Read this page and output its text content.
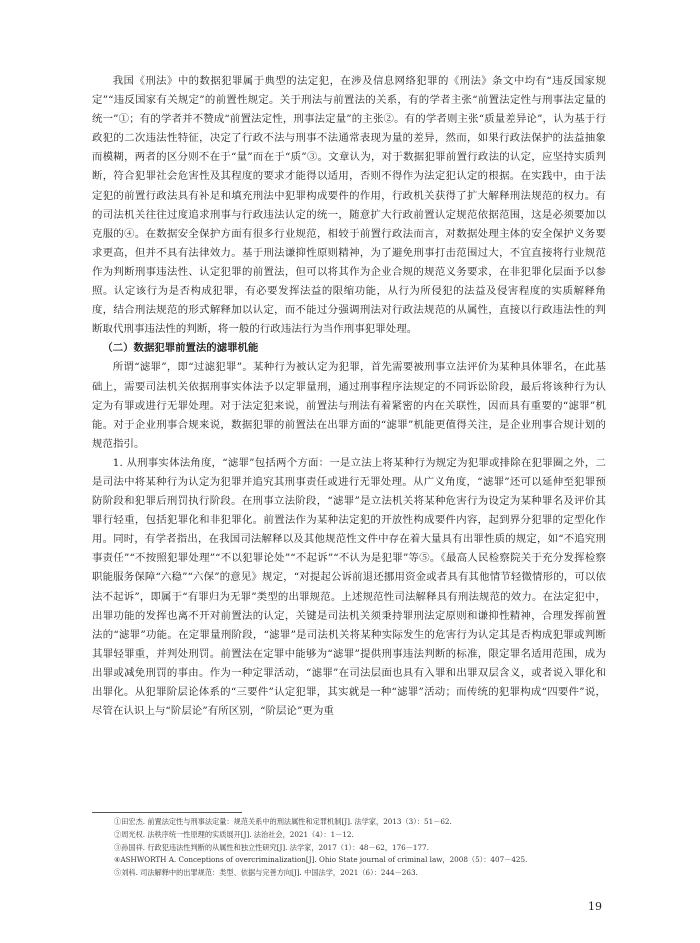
我国《刑法》中的数据犯罪属于典型的法定犯，在涉及信息网络犯罪的《刑法》条文中均有“违反国家规定”“违反国家有关规定”的前置性规定。关于刑法与前置法的关系，有的学者主张“前置法定性与刑事法定量的统一”①；有的学者并不赞成“前置法定性，刑事法定量”的主张②。有的学者则主张“质量差异论”，认为基于行政犯的二次违法性特征，决定了行政不法与刑事不法通常表现为量的差异，然而，如果行政法保护的法益抽象而模糊，两者的区分则不在于“量”而在于“质”③。文章认为，对于数据犯罪前置行政法的认定，应坚持实质判断，符合犯罪社会危害性及其程度的要求才能得以适用，否则不得作为法定犯认定的根据。在实践中，由于法定犯的前置行政法具有补足和填充刑法中犯罪构成要件的作用，行政机关获得了扩大解释刑法规范的权力。有的司法机关往往过度追求刑事与行政违法认定的统一，随意扩大行政前置认定规范依据范围，这是必须要加以克服的④。在数据安全保护方面有很多行业规范，相较于前置行政法而言，对数据处理主体的安全保护义务要求更高，但并不具有法律效力。基于刑法谦抑性原则精神，为了避免刑事打击范围过大，不宜直接将行业规范作为判断刑事违法性、认定犯罪的前置法，但可以将其作为企业合规的规范义务要求，在非犯罪化层面予以参照。认定该行为是否构成犯罪，有必要发挥法益的限缩功能，从行为所侵犯的法益及侵害程度的实质解释角度，结合刑法规范的形式解释加以认定，而不能过分强调刑法对行政法规范的从属性，直接以行政违法性的判断取代刑事违法性的判断，将一般的行政违法行为当作刑事犯罪处理。

（二）数据犯罪前置法的滤罪机能

所谓“滤罪”，即“过滤犯罪”。某种行为被认定为犯罪，首先需要被刑事立法评价为某种具体罪名，在此基础上，需要司法机关依据刑事实体法予以定罪量刑，通过刑事程序法规定的不同诉讼阶段，最后将该种行为认定为有罪或进行无罪处理。对于法定犯来说，前置法与刑法有着紧密的内在关联性，因而具有重要的“滤罪”机能。对于企业刑事合规来说，数据犯罪的前置法在出罪方面的“滤罪”机能更值得关注，是企业刑事合规计划的规范指引。

1. 从刑事实体法角度，“滤罪”包括两个方面：一是立法上将某种行为规定为犯罪或排除在犯罪圈之外，二是司法中将某种行为认定为犯罪并追究其刑事责任或进行无罪处理。从广义角度，“滤罪”还可以延伸至犯罪预防阶段和犯罪后刑罚执行阶段。在刑事立法阶段，“滤罪”是立法机关将某种危害行为设定为某种罪名及评价其罪行轻重，包括犯罪化和非犯罪化。前置法作为某种法定犯的开放性构成要件内容，起到界分犯罪的定型化作用。同时，有学者指出，在我国司法解释以及其他规范性文件中存在着大量具有出罪性质的规定，如“不追究刑事责任”“不按照犯罪处理”“不以犯罪论处”“不起诉”“不认为是犯罪”等⑤。《最高人民检察院关于充分发挥检察职能服务保障“六稳”“六保”的意见》规定，“对提起公诉前退还挪用资金或者具有其他情节轻微情形的，可以依法不起诉”，即属于“有罪归为无罪”类型的出罪规范。上述规范性司法解释具有刑法规范的效力。在法定犯中，出罪功能的发挥也离不开对前置法的认定，关键是司法机关须秉持罪刑法定原则和谦抑性精神，合理发挥前置法的“滤罪”功能。在定罪量刑阶段，“滤罪”是司法机关将某种实际发生的危害行为认定其是否构成犯罪或判断其罪轻罪重，并判处刑罚。前置法在定罪中能够为“滤罪”提供刑事违法判断的标准，限定罪名适用范围，成为出罪或减免刑罚的事由。作为一种定罪活动，“滤罪”在司法层面也具有入罪和出罪双层含义，或者说入罪化和出罪化。从犯罪阶层论体系的“三要件”认定犯罪，其实就是一种“滤罪”活动；而传统的犯罪构成“四要件”说，尽管在认识上与“阶层论”有所区别，“阶层论”更为重

①田宏杰. 前置法定性与刑事法定量：规范关系中的刑法属性和定罪机制[J]. 法学家，2013（3）：51－62.

②周光权. 法秩序统一性原理的实质展开[J]. 法治社会，2021（4）：1－12.

③孙国祥. 行政犯违法性判断的从属性和独立性研究[J]. 法学家，2017（1）：48－62，176－177.

④ASHWORTH A. Conceptions of overcriminalization[J]. Ohio State journal of criminal law，2008（5）：407－425.

⑤刘科. 司法解释中的出罪规范：类型、依据与完善方向[J]. 中国法学，2021（6）：244－263.

19
